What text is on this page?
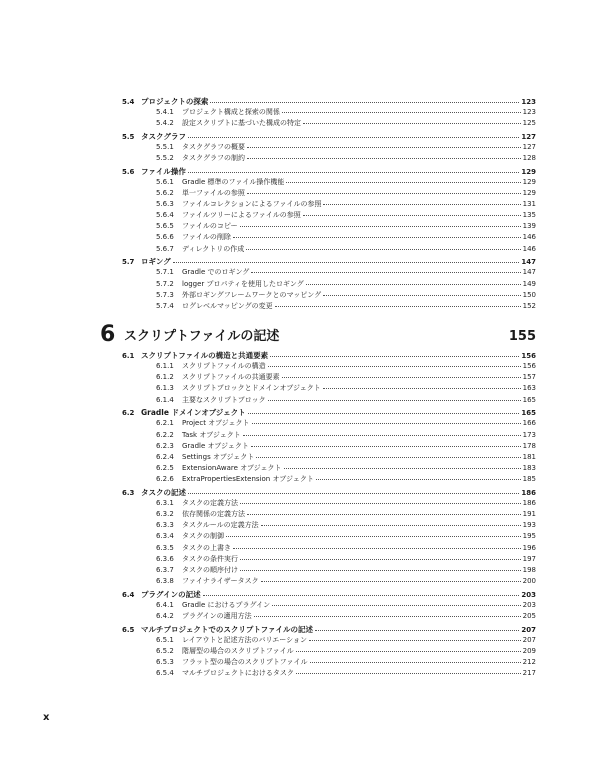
5.4 プロジェクトの探索	123
5.4.1	プロジェクト構成と探索の関係	123
5.4.2	設定スクリプトに基づいた構成の特定	125
5.5 タスクグラフ	127
5.5.1	タスクグラフの概要	127
5.5.2	タスクグラフの制約	128
5.6 ファイル操作	129
5.6.1	Gradle 標準のファイル操作機能	129
5.6.2	単一ファイルの参照	129
5.6.3	ファイルコレクションによるファイルの参照	131
5.6.4	ファイルツリーによるファイルの参照	135
5.6.5	ファイルのコピー	139
5.6.6	ファイルの削除	146
5.6.7	ディレクトリの作成	146
5.7 ロギング	147
5.7.1	Gradle でのロギング	147
5.7.2	logger プロパティを使用したロギング	149
5.7.3	外部ロギングフレームワークとのマッピング	150
5.7.4	ログレベルマッピングの変更	152
6 スクリプトファイルの記述	155
6.1 スクリプトファイルの構造と共通要素	156
6.1.1	スクリプトファイルの構造	156
6.1.2	スクリプトファイルの共通要素	157
6.1.3	スクリプトブロックとドメインオブジェクト	163
6.1.4	主要なスクリプトブロック	165
6.2 Gradle ドメインオブジェクト	165
6.2.1	Project オブジェクト	166
6.2.2	Task オブジェクト	173
6.2.3	Gradle オブジェクト	178
6.2.4	Settings オブジェクト	181
6.2.5	ExtensionAware オブジェクト	183
6.2.6	ExtraPropertiesExtension オブジェクト	185
6.3 タスクの記述	186
6.3.1	タスクの定義方法	186
6.3.2	依存関係の定義方法	191
6.3.3	タスクルールの定義方法	193
6.3.4	タスクの制御	195
6.3.5	タスクの上書き	196
6.3.6	タスクの条件実行	197
6.3.7	タスクの順序付け	198
6.3.8	ファイナライザータスク	200
6.4 プラグインの記述	203
6.4.1	Gradle におけるプラグイン	203
6.4.2	プラグインの適用方法	205
6.5 マルチプロジェクトでのスクリプトファイルの記述	207
6.5.1	レイアウトと記述方法のバリエーション	207
6.5.2	階層型の場合のスクリプトファイル	209
6.5.3	フラット型の場合のスクリプトファイル	212
6.5.4	マルチプロジェクトにおけるタスク	217
x
